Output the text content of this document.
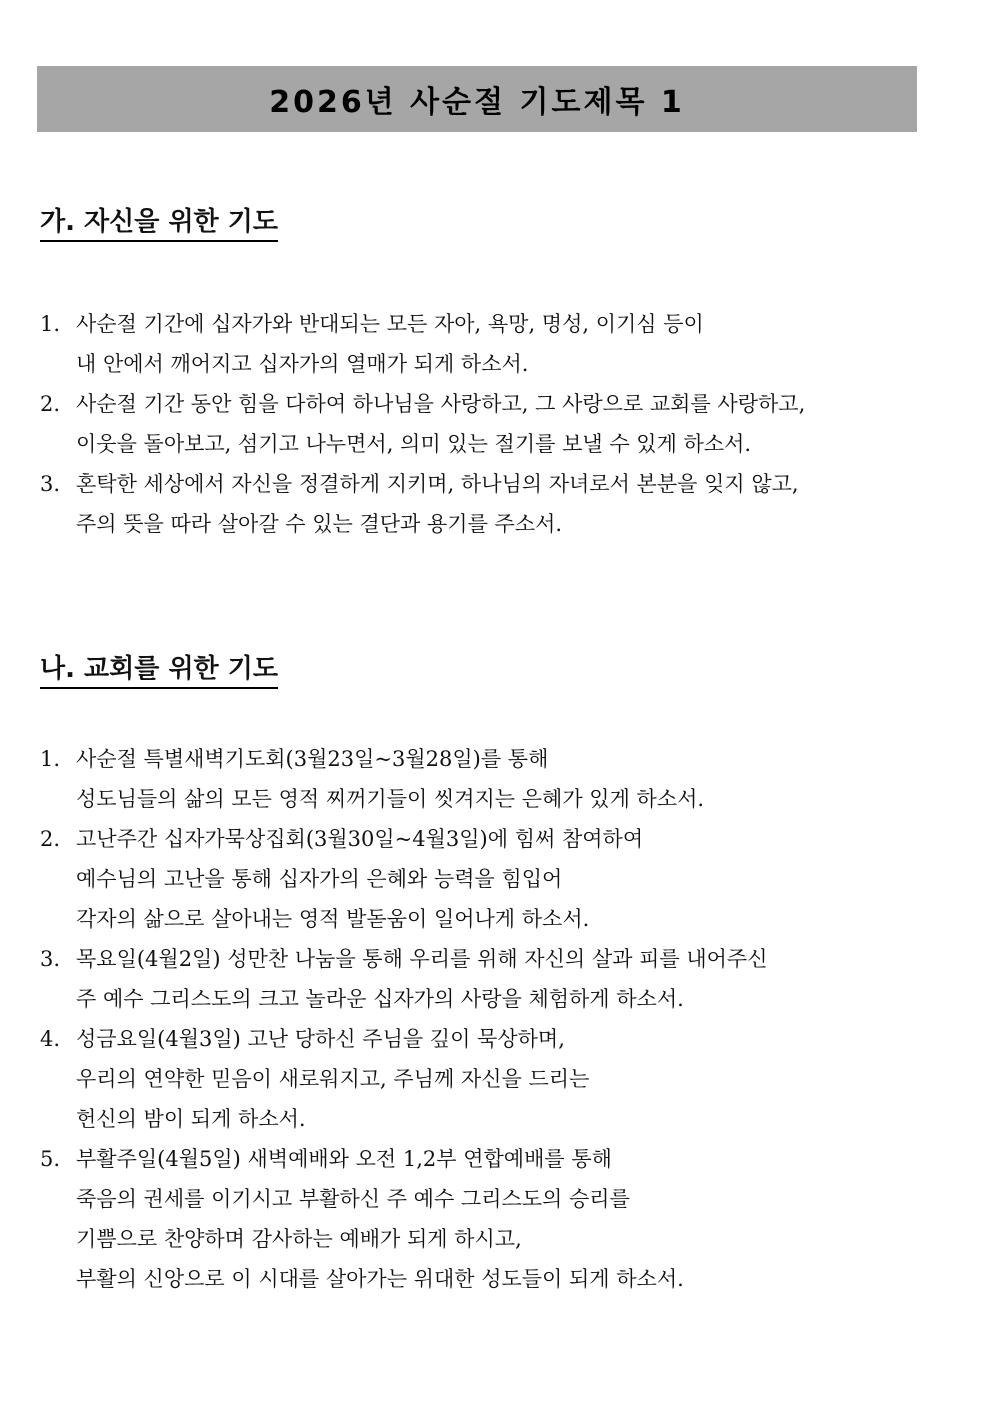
2026년 사순절 기도제목 1
가. 자신을 위한 기도
1. 사순절 기간에 십자가와 반대되는 모든 자아, 욕망, 명성, 이기심 등이
내 안에서 깨어지고 십자가의 열매가 되게 하소서.
2. 사순절 기간 동안 힘을 다하여 하나님을 사랑하고, 그 사랑으로 교회를 사랑하고,
이웃을 돌아보고, 섬기고 나누면서, 의미 있는 절기를 보낼 수 있게 하소서.
3. 혼탁한 세상에서 자신을 정결하게 지키며, 하나님의 자녀로서 본분을 잊지 않고,
주의 뜻을 따라 살아갈 수 있는 결단과 용기를 주소서.
나. 교회를 위한 기도
1. 사순절 특별새벽기도회(3월23일~3월28일)를 통해
성도님들의 삶의 모든 영적 찌꺼기들이 씻겨지는 은혜가 있게 하소서.
2. 고난주간 십자가묵상집회(3월30일~4월3일)에 힘써 참여하여
예수님의 고난을 통해 십자가의 은혜와 능력을 힘입어
각자의 삶으로 살아내는 영적 발돋움이 일어나게 하소서.
3. 목요일(4월2일) 성만찬 나눔을 통해 우리를 위해 자신의 살과 피를 내어주신
주 예수 그리스도의 크고 놀라운 십자가의 사랑을 체험하게 하소서.
4. 성금요일(4월3일) 고난 당하신 주님을 깊이 묵상하며,
우리의 연약한 믿음이 새로워지고, 주님께 자신을 드리는
헌신의 밤이 되게 하소서.
5. 부활주일(4월5일) 새벽예배와 오전 1,2부 연합예배를 통해
죽음의 권세를 이기시고 부활하신 주 예수 그리스도의 승리를
기쁨으로 찬양하며 감사하는 예배가 되게 하시고,
부활의 신앙으로 이 시대를 살아가는 위대한 성도들이 되게 하소서.
